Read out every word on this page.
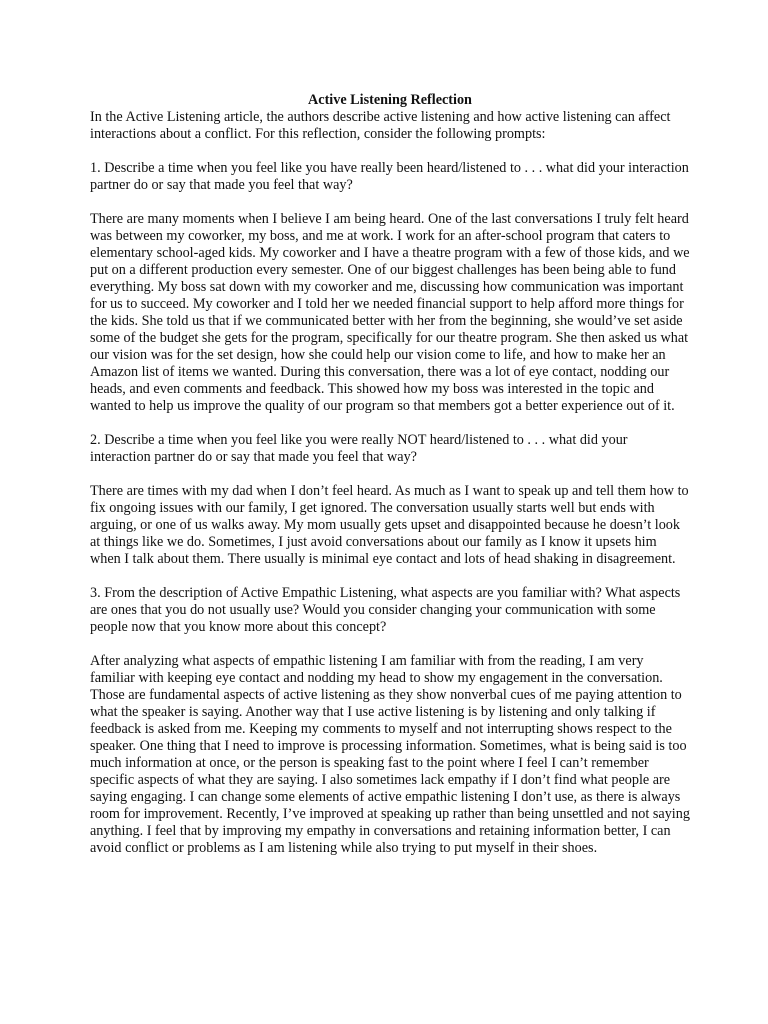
Active Listening Reflection

In the Active Listening article, the authors describe active listening and how active listening can affect interactions about a conflict. For this reflection, consider the following prompts:

1. Describe a time when you feel like you have really been heard/listened to . . . what did your interaction partner do or say that made you feel that way?

There are many moments when I believe I am being heard. One of the last conversations I truly felt heard was between my coworker, my boss, and me at work. I work for an after-school program that caters to elementary school-aged kids. My coworker and I have a theatre program with a few of those kids, and we put on a different production every semester. One of our biggest challenges has been being able to fund everything. My boss sat down with my coworker and me, discussing how communication was important for us to succeed. My coworker and I told her we needed financial support to help afford more things for the kids. She told us that if we communicated better with her from the beginning, she would’ve set aside some of the budget she gets for the program, specifically for our theatre program. She then asked us what our vision was for the set design, how she could help our vision come to life, and how to make her an Amazon list of items we wanted. During this conversation, there was a lot of eye contact, nodding our heads, and even comments and feedback. This showed how my boss was interested in the topic and wanted to help us improve the quality of our program so that members got a better experience out of it.

2. Describe a time when you feel like you were really NOT heard/listened to . . . what did your interaction partner do or say that made you feel that way?

There are times with my dad when I don’t feel heard. As much as I want to speak up and tell them how to fix ongoing issues with our family, I get ignored. The conversation usually starts well but ends with arguing, or one of us walks away. My mom usually gets upset and disappointed because he doesn’t look at things like we do. Sometimes, I just avoid conversations about our family as I know it upsets him when I talk about them. There usually is minimal eye contact and lots of head shaking in disagreement.

3. From the description of Active Empathic Listening, what aspects are you familiar with? What aspects are ones that you do not usually use? Would you consider changing your communication with some people now that you know more about this concept?

After analyzing what aspects of empathic listening I am familiar with from the reading, I am very familiar with keeping eye contact and nodding my head to show my engagement in the conversation. Those are fundamental aspects of active listening as they show nonverbal cues of me paying attention to what the speaker is saying. Another way that I use active listening is by listening and only talking if feedback is asked from me. Keeping my comments to myself and not interrupting shows respect to the speaker. One thing that I need to improve is processing information. Sometimes, what is being said is too much information at once, or the person is speaking fast to the point where I feel I can’t remember specific aspects of what they are saying. I also sometimes lack empathy if I don’t find what people are saying engaging. I can change some elements of active empathic listening I don’t use, as there is always room for improvement. Recently, I’ve improved at speaking up rather than being unsettled and not saying anything. I feel that by improving my empathy in conversations and retaining information better, I can avoid conflict or problems as I am listening while also trying to put myself in their shoes.
